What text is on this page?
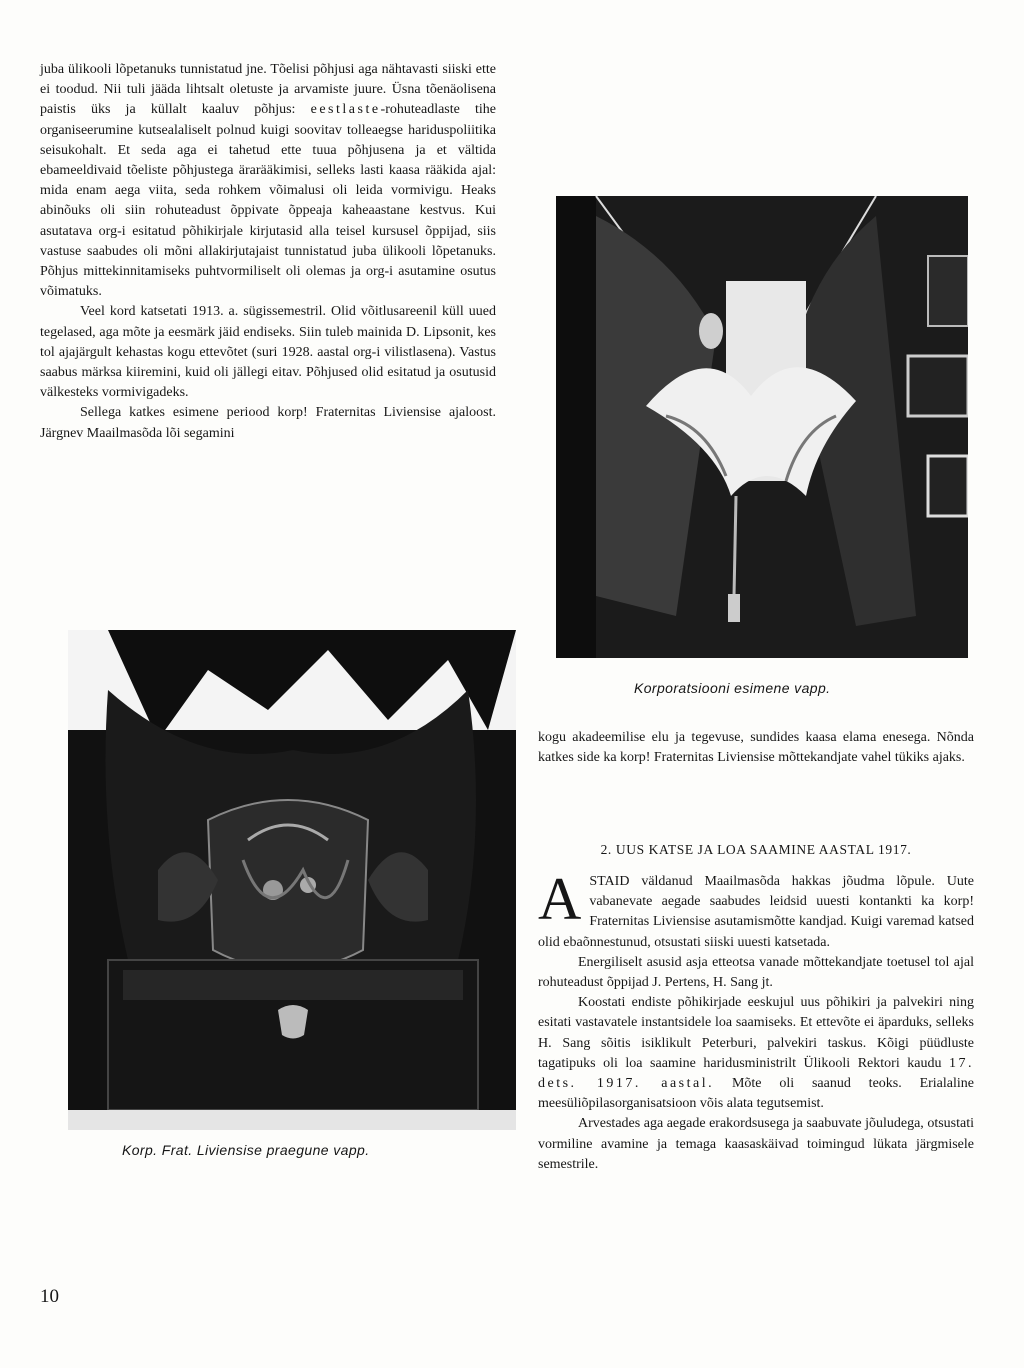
juba ülikooli lõpetanuks tunnistatud jne. Tõelisi põhjusi aga nähtavasti siiski ette ei toodud. Nii tuli jääda lihtsalt oletuste ja arvamiste juure. Üsna tõenäolisena paistis üks ja küllalt kaaluv põhjus: eestlaste-rohuteadlaste tihe organiseerumine kutsealaliselt polnud kuigi soovitav tolleaegse hariduspoliitika seisukohalt. Et seda aga ei tahetud ette tuua põhjusena ja et vältida ebameeldivaid tõeliste põhjustega ärarääkimisi, selleks lasti kaasa rääkida ajal: mida enam aega viita, seda rohkem võimalusi oli leida vormivigu. Heaks abinõuks oli siin rohuteadust õppivate õppeaja kaheaastane kestvus. Kui asutatava org-i esitatud põhikirjale kirjutasid alla teisel kursusel õppijad, siis vastuse saabudes oli mõni allakirjutajaist tunnistatud juba ülikooli lõpetanuks. Põhjus mittekinnitamiseks puhtvormiliselt oli olemas ja org-i asutamine osutus võimatuks.

Veel kord katsetati 1913. a. sügissemestril. Olid võitlusareenil küll uued tegelased, aga mõte ja eesmärk jäid endiseks. Siin tuleb mainida D. Lipsonit, kes tol ajajärgult kehastas kogu ettevõtet (suri 1928. aastal org-i vilistlasena). Vastus saabus märksa kiiremini, kuid oli jällegi eitav. Põhjused olid esitatud ja osutusid välkesteks vormivigadeks.

Sellega katkes esimene periood korp! Fraternitas Liviensise ajaloost. Järgnev Maailmasõda lõi segamini

Korporatsiooni esimene vapp.
Korp. Frat. Liviensise praegune vapp.

kogu akadeemilise elu ja tegevuse, sundides kaasa elama enesega. Nõnda katkes side ka korp! Fraternitas Liviensise mõttekandjate vahel tükiks ajaks.

2. UUS KATSE JA LOA SAAMINE AASTAL 1917.

A STAID väldanud Maailmasõda hakkas jõudma lõpule. Uute vabanevate aegade saabudes leidsid uuesti kontankti ka korp! Fraternitas Liviensise asutamismõtte kandjad. Kuigi varemad katsed olid ebaõnnestunud, otsustati siiski uuesti katsetada.

Energiliselt asusid asja etteotsa vanade mõttekandjate toetusel tol ajal rohuteadust õppijad J. Pertens, H. Sang jt.

Koostati endiste põhikirjade eeskujul uus põhikiri ja palvekiri ning esitati vastavatele instantsidele loa saamiseks. Et ettevõte ei äparduks, selleks H. Sang sõitis isiklikult Peterburi, palvekiri taskus. Kõigi püüdluste tagatipuks oli loa saamine haridusministrilt Ülikooli Rektori kaudu 17. dets. 1917. aastal. Mõte oli saanud teoks. Erialaline meesüliõpilasorganisatsioon võis alata tegutsemist.

Arvestades aga aegade erakordsusega ja saabuvate jõuludega, otsustati vormiline avamine ja temaga kaasaskäivad toimingud lükata järgmisele semestrile.

10
